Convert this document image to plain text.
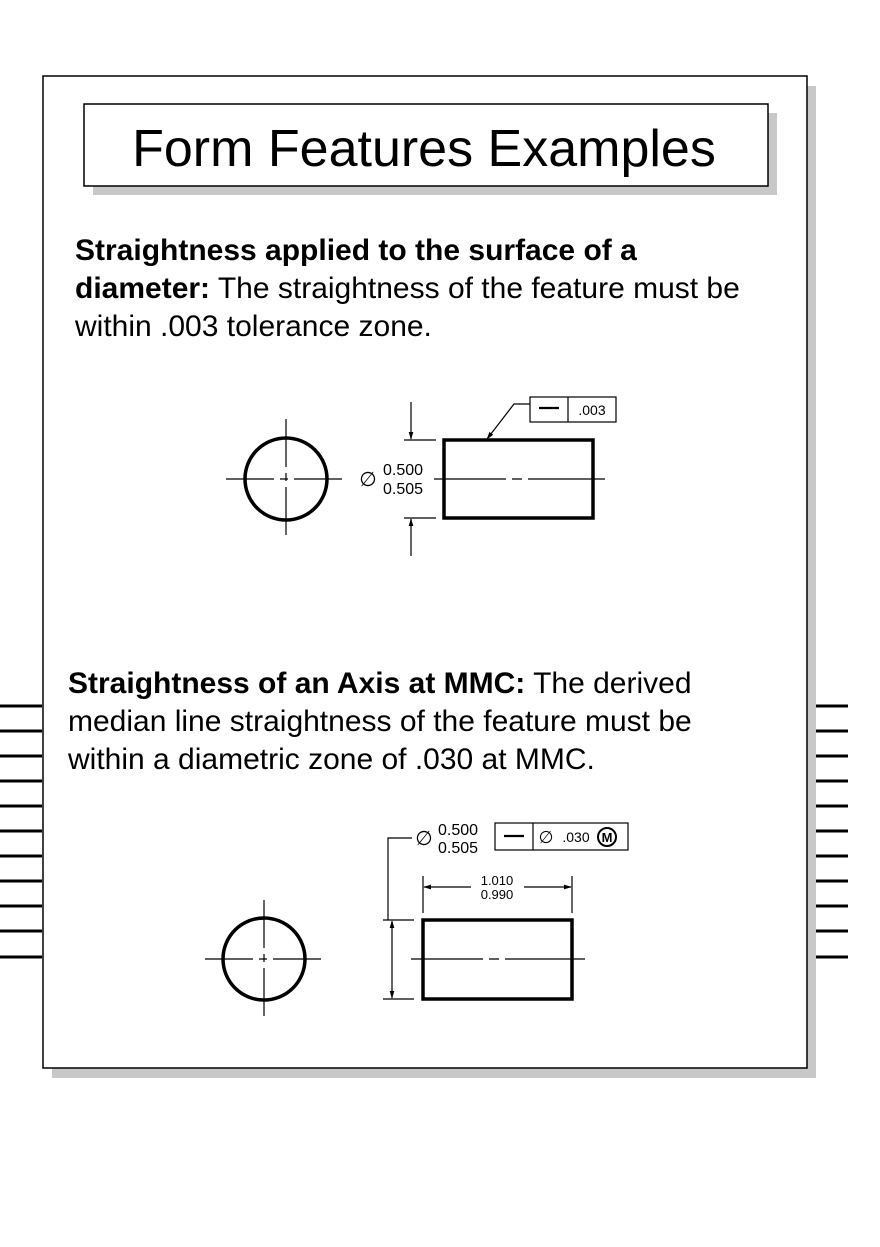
Form Features Examples
∅ 0.500
0.505
.003
∅ 0.500
0.505
1.010
0.990
∅ .030 M

Straightness applied to the surface of a diameter: The straightness of the feature must be within .003 tolerance zone.

Straightness of an Axis at MMC: The derived median line straightness of the feature must be within a diametric zone of .030 at MMC.
